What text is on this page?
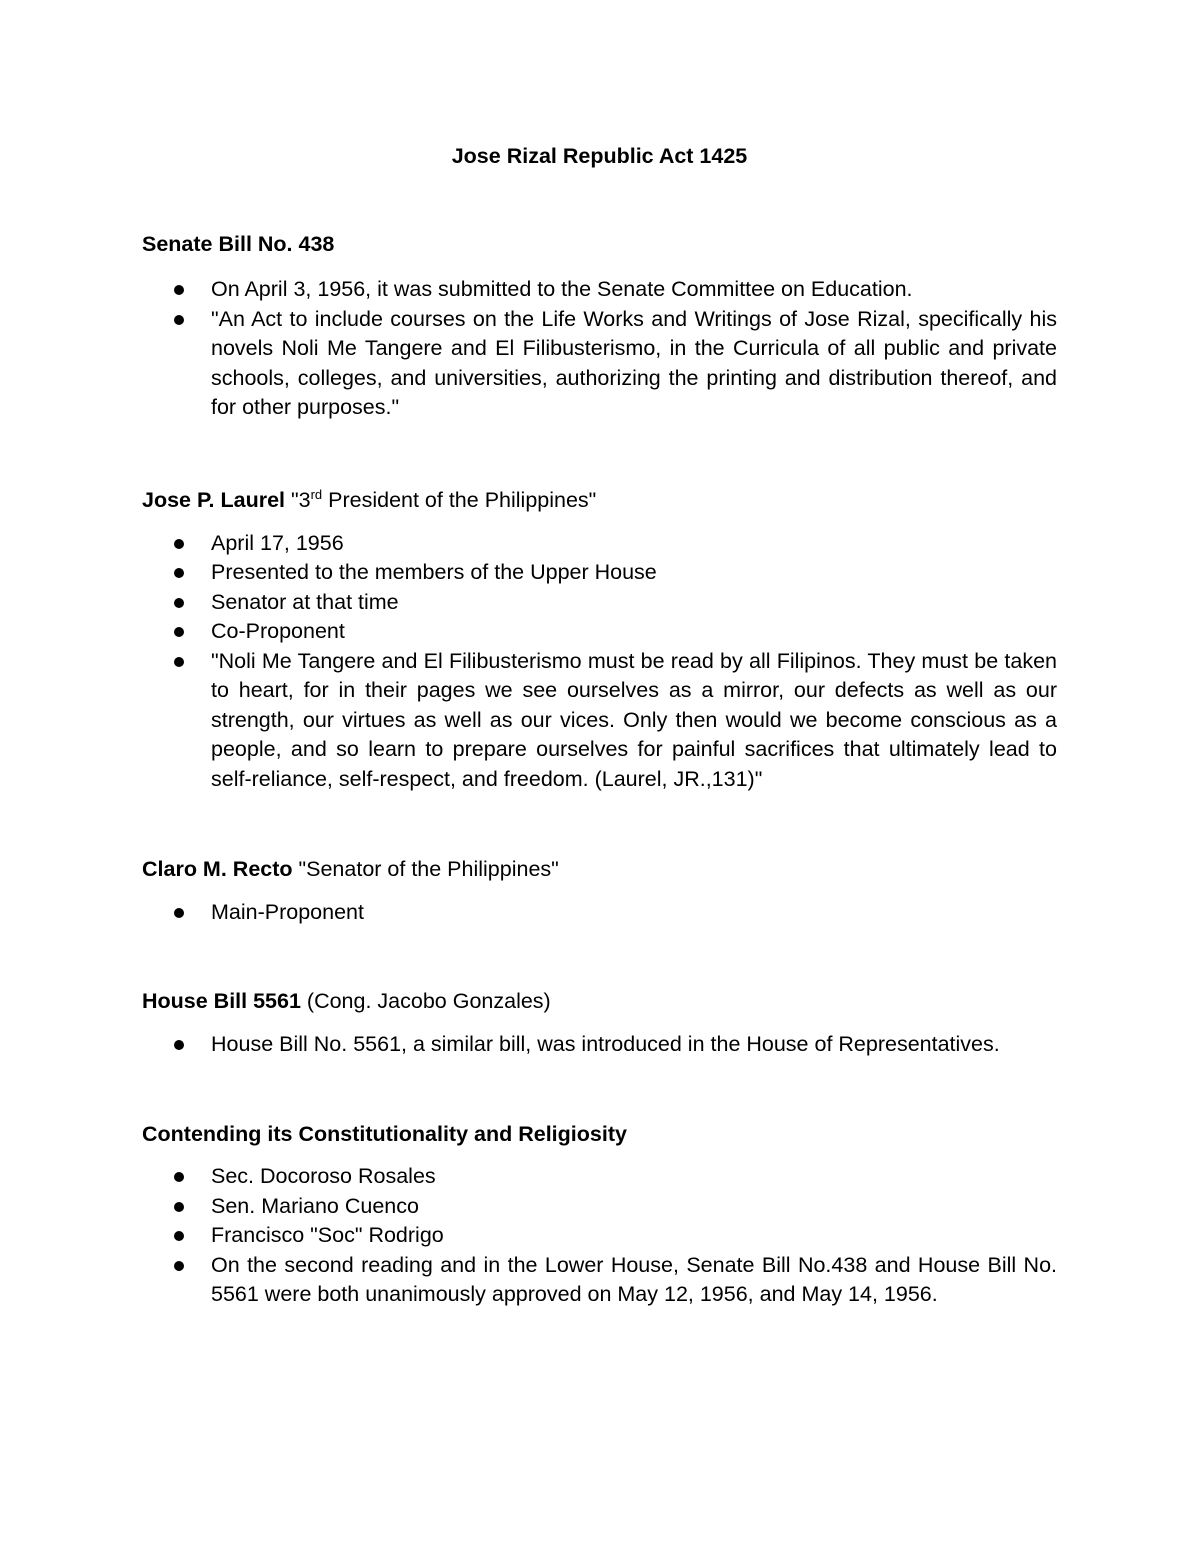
Jose Rizal Republic Act 1425

Senate Bill No. 438

On April 3, 1956, it was submitted to the Senate Committee on Education.
"An Act to include courses on the Life Works and Writings of Jose Rizal, specifically his novels Noli Me Tangere and El Filibusterismo, in the Curricula of all public and private schools, colleges, and universities, authorizing the printing and distribution thereof, and for other purposes."

Jose P. Laurel "3rd President of the Philippines"

April 17, 1956
Presented to the members of the Upper House
Senator at that time
Co-Proponent
"Noli Me Tangere and El Filibusterismo must be read by all Filipinos. They must be taken to heart, for in their pages we see ourselves as a mirror, our defects as well as our strength, our virtues as well as our vices. Only then would we become conscious as a people, and so learn to prepare ourselves for painful sacrifices that ultimately lead to self-reliance, self-respect, and freedom. (Laurel, JR.,131)"

Claro M. Recto "Senator of the Philippines"

Main-Proponent

House Bill 5561 (Cong. Jacobo Gonzales)

House Bill No. 5561, a similar bill, was introduced in the House of Representatives.

Contending its Constitutionality and Religiosity

Sec. Docoroso Rosales
Sen. Mariano Cuenco
Francisco "Soc" Rodrigo
On the second reading and in the Lower House, Senate Bill No.438 and House Bill No. 5561 were both unanimously approved on May 12, 1956, and May 14, 1956.
